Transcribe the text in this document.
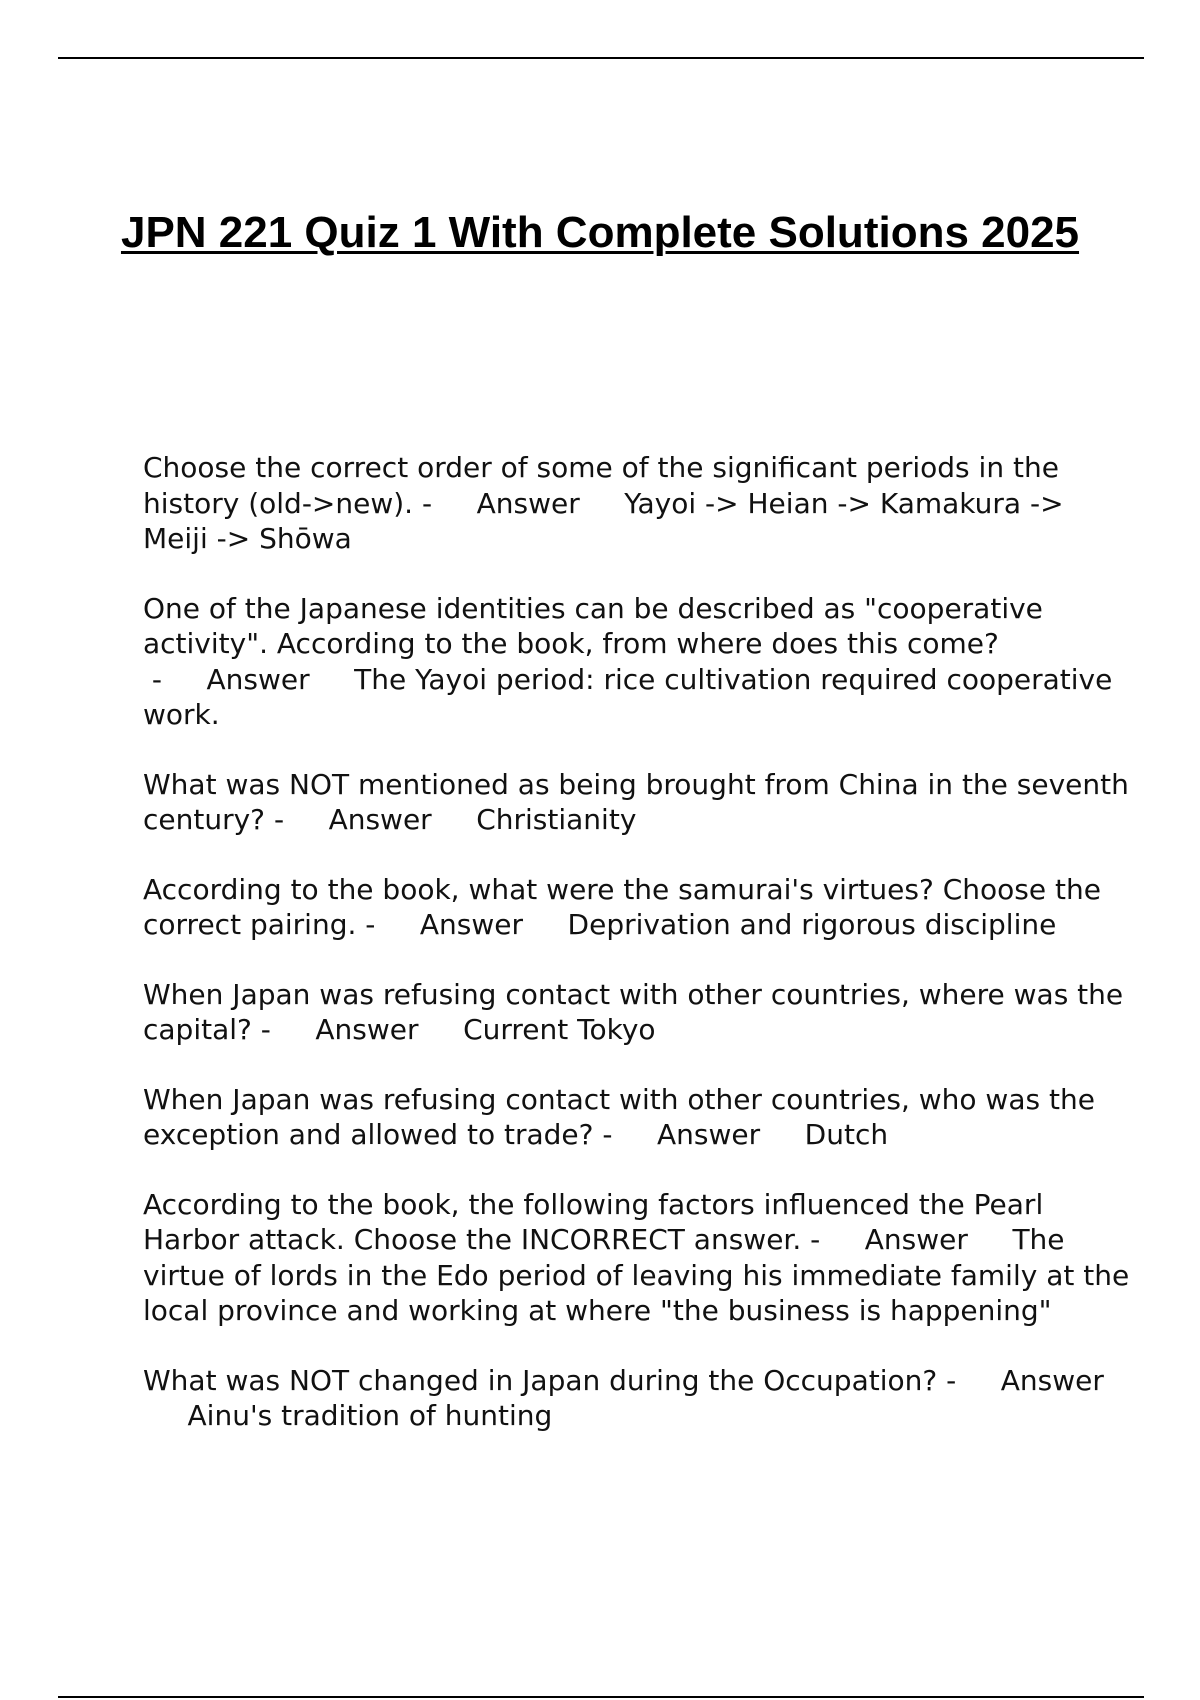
JPN 221 Quiz 1 With Complete Solutions 2025
Choose the correct order of some of the significant periods in the history (old->new). -     Answer Yayoi -> Heian -> Kamakura -> Meiji -> Shōwa
One of the Japanese identities can be described as "cooperative activity". According to the book, from where does this come? -     Answer The Yayoi period: rice cultivation required cooperative work.
What was NOT mentioned as being brought from China in the seventh century? -     Answer Christianity
According to the book, what were the samurai's virtues? Choose the correct pairing. -     Answer Deprivation and rigorous discipline
When Japan was refusing contact with other countries, where was the capital? -     Answer Current Tokyo
When Japan was refusing contact with other countries, who was the exception and allowed to trade? -     Answer Dutch
According to the book, the following factors influenced the Pearl Harbor attack. Choose the INCORRECT answer. -     Answer The virtue of lords in the Edo period of leaving his immediate family at the local province and working at where "the business is happening"
What was NOT changed in Japan during the Occupation? -     Answer     Ainu's tradition of hunting
